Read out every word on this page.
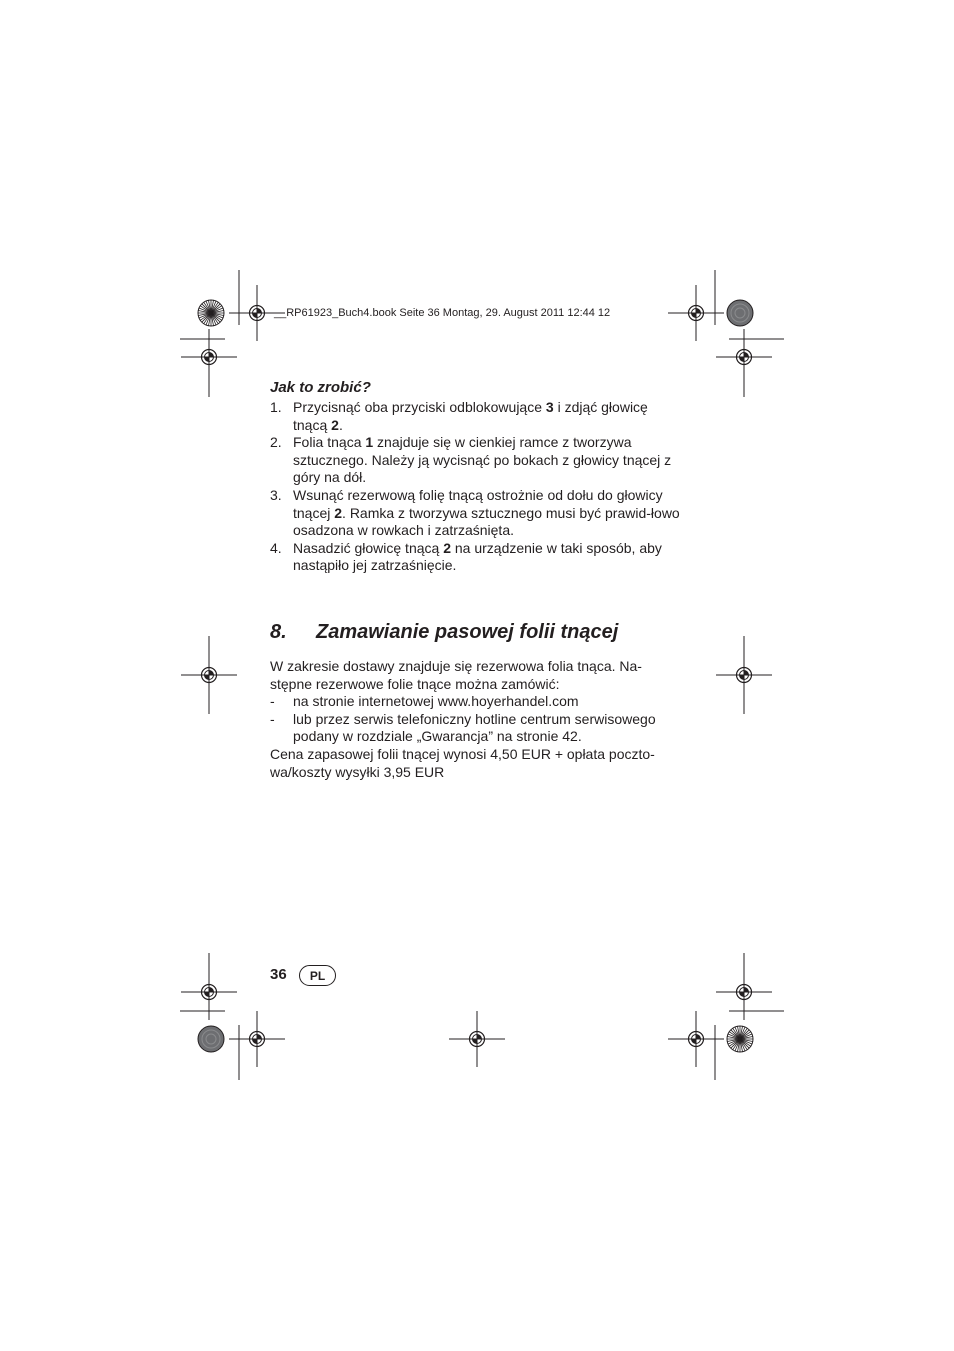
__RP61923_Buch4.book Seite 36 Montag, 29. August 2011 12:44 12
Jak to zrobić?
1. Przycisnąć oba przyciski odblokowujące 3 i zdjąć głowicę tnącą 2.
2. Folia tnąca 1 znajduje się w cienkiej ramce z tworzywa sztucznego. Należy ją wycisnąć po bokach z głowicy tnącej z góry na dół.
3. Wsunąć rezerwową folię tnącą ostrożnie od dołu do głowicy tnącej 2. Ramka z tworzywa sztucznego musi być prawid-łowo osadzona w rowkach i zatrzaśnięta.
4. Nasadzić głowicę tnącą 2 na urządzenie w taki sposób, aby nastąpiło jej zatrzaśnięcie.
8. Zamawianie pasowej folii tnącej

W zakresie dostawy znajduje się rezerwowa folia tnąca. Na-stępne rezerwowe folie tnące można zamówić:

- na stronie internetowej www.hoyerhandel.com
- lub przez serwis telefoniczny hotline centrum serwisowego podany w rozdziale „Gwarancja” na stronie 42.

Cena zapasowej folii tnącej wynosi 4,50 EUR + opłata poczto-wa/koszty wysyłki 3,95 EUR

36	PL
